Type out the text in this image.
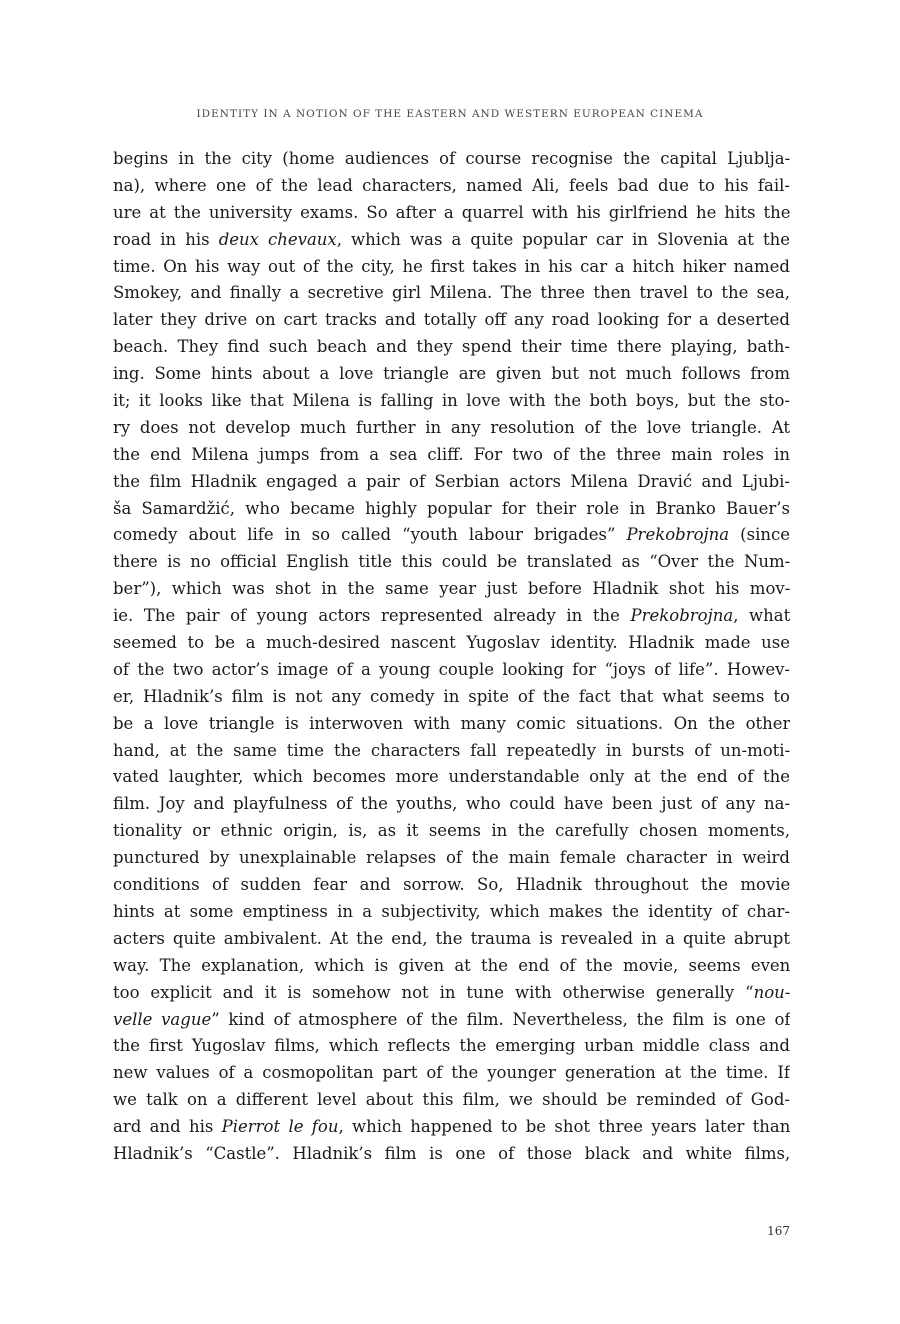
IDENTITY IN A NOTION OF THE EASTERN AND WESTERN EUROPEAN CINEMA
begins in the city (home audiences of course recognise the capital Ljublja-
na), where one of the lead characters, named Ali, feels bad due to his fail-
ure at the university exams. So after a quarrel with his girlfriend he hits the
road in his deux chevaux, which was a quite popular car in Slovenia at the
time. On his way out of the city, he first takes in his car a hitch hiker named
Smokey, and finally a secretive girl Milena. The three then travel to the sea,
later they drive on cart tracks and totally off any road looking for a deserted
beach. They find such beach and they spend their time there playing, bath-
ing. Some hints about a love triangle are given but not much follows from
it; it looks like that Milena is falling in love with the both boys, but the sto-
ry does not develop much further in any resolution of the love triangle. At
the end Milena jumps from a sea cliff. For two of the three main roles in
the film Hladnik engaged a pair of Serbian actors Milena Dravić and Ljubi-
ša Samardžić, who became highly popular for their role in Branko Bauer’s
comedy about life in so called “youth labour brigades” Prekobrojna (since
there is no official English title this could be translated as “Over the Num-
ber”), which was shot in the same year just before Hladnik shot his mov-
ie. The pair of young actors represented already in the Prekobrojna, what
seemed to be a much-desired nascent Yugoslav identity. Hladnik made use
of the two actor’s image of a young couple looking for “joys of life”. Howev-
er, Hladnik’s film is not any comedy in spite of the fact that what seems to
be a love triangle is interwoven with many comic situations. On the other
hand, at the same time the characters fall repeatedly in bursts of un-moti-
vated laughter, which becomes more understandable only at the end of the
film. Joy and playfulness of the youths, who could have been just of any na-
tionality or ethnic origin, is, as it seems in the carefully chosen moments,
punctured by unexplainable relapses of the main female character in weird
conditions of sudden fear and sorrow. So, Hladnik throughout the movie
hints at some emptiness in a subjectivity, which makes the identity of char-
acters quite ambivalent. At the end, the trauma is revealed in a quite abrupt
way. The explanation, which is given at the end of the movie, seems even
too explicit and it is somehow not in tune with otherwise generally “nou-
velle vague” kind of atmosphere of the film. Nevertheless, the film is one of
the first Yugoslav films, which reflects the emerging urban middle class and
new values of a cosmopolitan part of the younger generation at the time. If
we talk on a different level about this film, we should be reminded of God-
ard and his Pierrot le fou, which happened to be shot three years later than
Hladnik’s “Castle”. Hladnik’s film is one of those black and white films,
167
